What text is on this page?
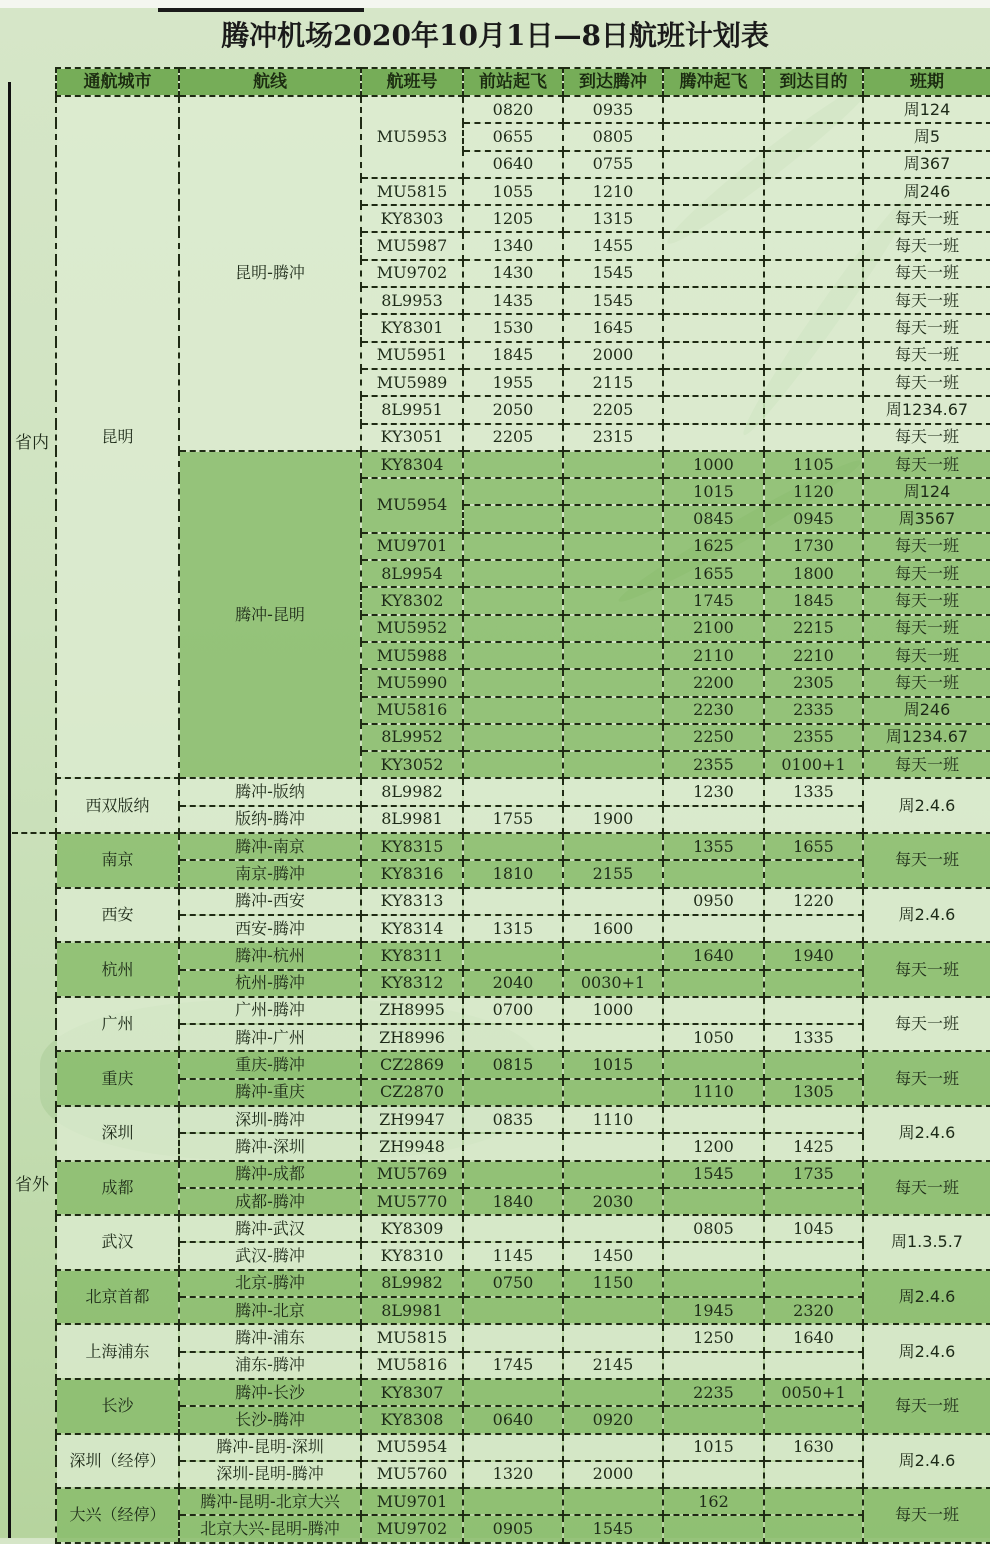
腾冲机场2020年10月1日—8日航班计划表
省内
省外
通航城市	航线	航班号	前站起飞	到达腾冲	腾冲起飞	到达目的	班期
昆明	昆明-腾冲	MU5953	0820	0935			周124
			0655	0805			周5
			0640	0755			周367
		MU5815	1055	1210			周246
		KY8303	1205	1315			每天一班
		MU5987	1340	1455			每天一班
		MU9702	1430	1545			每天一班
		8L9953	1435	1545			每天一班
		KY8301	1530	1645			每天一班
		MU5951	1845	2000			每天一班
		MU5989	1955	2115			每天一班
		8L9951	2050	2205			周1234.67
		KY3051	2205	2315			每天一班
	腾冲-昆明	KY8304			1000	1105	每天一班
		MU5954			1015	1120	周124
					0845	0945	周3567
		MU9701			1625	1730	每天一班
		8L9954			1655	1800	每天一班
		KY8302			1745	1845	每天一班
		MU5952			2100	2215	每天一班
		MU5988			2110	2210	每天一班
		MU5990			2200	2305	每天一班
		MU5816			2230	2335	周246
		8L9952			2250	2355	周1234.67
		KY3052			2355	0100+1	每天一班
西双版纳	腾冲-版纳	8L9982			1230	1335	周2.4.6
	版纳-腾冲	8L9981	1755	1900			
南京	腾冲-南京	KY8315			1355	1655	每天一班
	南京-腾冲	KY8316	1810	2155			
西安	腾冲-西安	KY8313			0950	1220	周2.4.6
	西安-腾冲	KY8314	1315	1600			
杭州	腾冲-杭州	KY8311			1640	1940	每天一班
	杭州-腾冲	KY8312	2040	0030+1			
广州	广州-腾冲	ZH8995	0700	1000			每天一班
	腾冲-广州	ZH8996			1050	1335	
重庆	重庆-腾冲	CZ2869	0815	1015			每天一班
	腾冲-重庆	CZ2870			1110	1305	
深圳	深圳-腾冲	ZH9947	0835	1110			周2.4.6
	腾冲-深圳	ZH9948			1200	1425	
成都	腾冲-成都	MU5769			1545	1735	每天一班
	成都-腾冲	MU5770	1840	2030			
武汉	腾冲-武汉	KY8309			0805	1045	周1.3.5.7
	武汉-腾冲	KY8310	1145	1450			
北京首都	北京-腾冲	8L9982	0750	1150			周2.4.6
	腾冲-北京	8L9981			1945	2320	
上海浦东	腾冲-浦东	MU5815			1250	1640	周2.4.6
	浦东-腾冲	MU5816	1745	2145			
长沙	腾冲-长沙	KY8307			2235	0050+1	每天一班
	长沙-腾冲	KY8308	0640	0920			
深圳（经停）	腾冲-昆明-深圳	MU5954			1015	1630	周2.4.6
	深圳-昆明-腾冲	MU5760	1320	2000			
大兴（经停）	腾冲-昆明-北京大兴	MU9701			162		每天一班
	北京大兴-昆明-腾冲	MU9702	0905	1545			
